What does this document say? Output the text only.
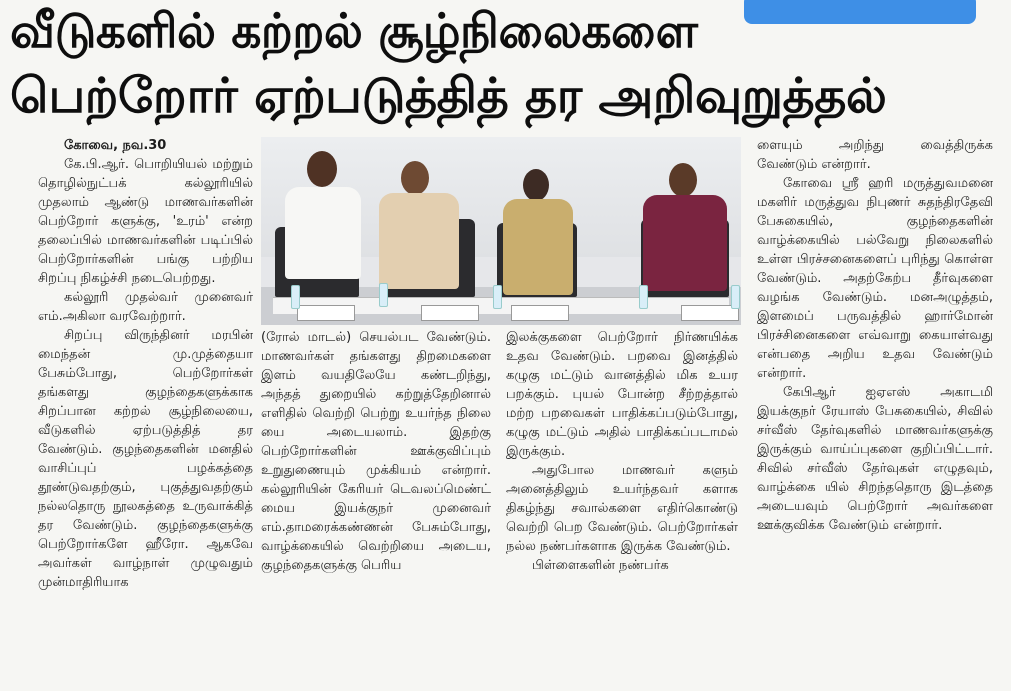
வீடுகளில் கற்றல் சூழ்நிலைகளை
பெற்றோர் ஏற்படுத்தித் தர அறிவுறுத்தல்

கோவை, நவ.30

கே.பி.ஆர். பொறியியல் மற்றும் தொழில்நுட்பக் கல்லூரியில் முதலாம் ஆண்டு மாணவர்களின் பெற்றோர் களுக்கு, 'உரம்' என்ற தலைப்பில் மாணவர்களின் படிப்பில் பெற்றோர்களின் பங்கு பற்றிய சிறப்பு நிகழ்ச்சி நடைபெற்றது.

கல்லூரி முதல்வர் முனைவர் எம்.அகிலா வரவேற்றார்.

சிறப்பு விருந்தினர் மரபின் மைந்தன் மு.முத்தையா பேசும்போது, பெற்றோர்கள் தங்களது குழந்தைகளுக்காக சிறப்பான கற்றல் சூழ்நிலையை, வீடுகளில் ஏற்படுத்தித் தர வேண்டும். குழந்தைகளின் மனதில் வாசிப்புப் பழக்கத்தை தூண்டுவதற்கும், புகுத்துவதற்கும் நல்லதொரு நூலகத்தை உருவாக்கித் தர வேண்டும். குழந்தைகளுக்கு பெற்றோர்களே ஹீரோ. ஆகவே அவர்கள் வாழ்நாள் முழுவதும் முன்மாதிரியாக

(ரோல் மாடல்) செயல்பட வேண்டும். மாணவர்கள் தங்களது திறமைகளை இளம் வயதிலேயே கண்டறிந்து, அந்தத் துறையில் கற்றுத்தேறினால் எளிதில் வெற்றி பெற்று உயர்ந்த நிலை யை அடையலாம். இதற்கு பெற்றோர்களின் ஊக்குவிப்பும் உறுதுணையும் முக்கியம் என்றார். கல்லூரியின் கேரியர் டெவலப்மெண்ட் மைய இயக்குநர் முனைவர் எம்.தாமரைக்கண்ணன் பேசும்போது, வாழ்க்கையில் வெற்றியை அடைய, குழந்தைகளுக்கு பெரிய

இலக்குகளை பெற்றோர் நிர்ணயிக்க உதவ வேண்டும். பறவை இனத்தில் கழுகு மட்டும் வானத்தில் மிக உயர பறக்கும். புயல் போன்ற சீற்றத்தால் மற்ற பறவைகள் பாதிக்கப்படும்போது, கழுகு மட்டும் அதில் பாதிக்கப்படாமல் இருக்கும்.

அதுபோல மாணவர் களும் அனைத்திலும் உயர்ந்தவர் களாக திகழ்ந்து சவால்களை எதிர்கொண்டு வெற்றி பெற வேண்டும். பெற்றோர்கள் நல்ல நண்பர்களாக இருக்க வேண்டும்.

பிள்ளைகளின் நண்பர்க

ளையும் அறிந்து வைத்திருக்க வேண்டும் என்றார்.

கோவை ஸ்ரீ ஹரி மருத்துவமனை மகளிர் மருத்துவ நிபுணர் சுதந்திரதேவி பேசுகையில், குழந்தைகளின் வாழ்க்கையில் பல்வேறு நிலைகளில் உள்ள பிரச்சனைகளைப் புரிந்து கொள்ள வேண்டும். அதற்கேற்ப தீர்வுகளை வழங்க வேண்டும். மனஅழுத்தம், இளமைப் பருவத்தில் ஹார்மோன் பிரச்சினைகளை எவ்வாறு கையாள்வது என்பதை அறிய உதவ வேண்டும் என்றார்.

கேபிஆர் ஐஏஎஸ் அகாடமி இயக்குநர் ரேயாஸ் பேசுகையில், சிவில் சர்வீஸ் தேர்வுகளில் மாணவர்களுக்கு இருக்கும் வாய்ப்புகளை குறிப்பிட்டார். சிவில் சர்வீஸ் தேர்வுகள் எழுதவும், வாழ்க்கை யில் சிறந்ததொரு இடத்தை அடையவும் பெற்றோர் அவர்களை ஊக்குவிக்க வேண்டும் என்றார்.
